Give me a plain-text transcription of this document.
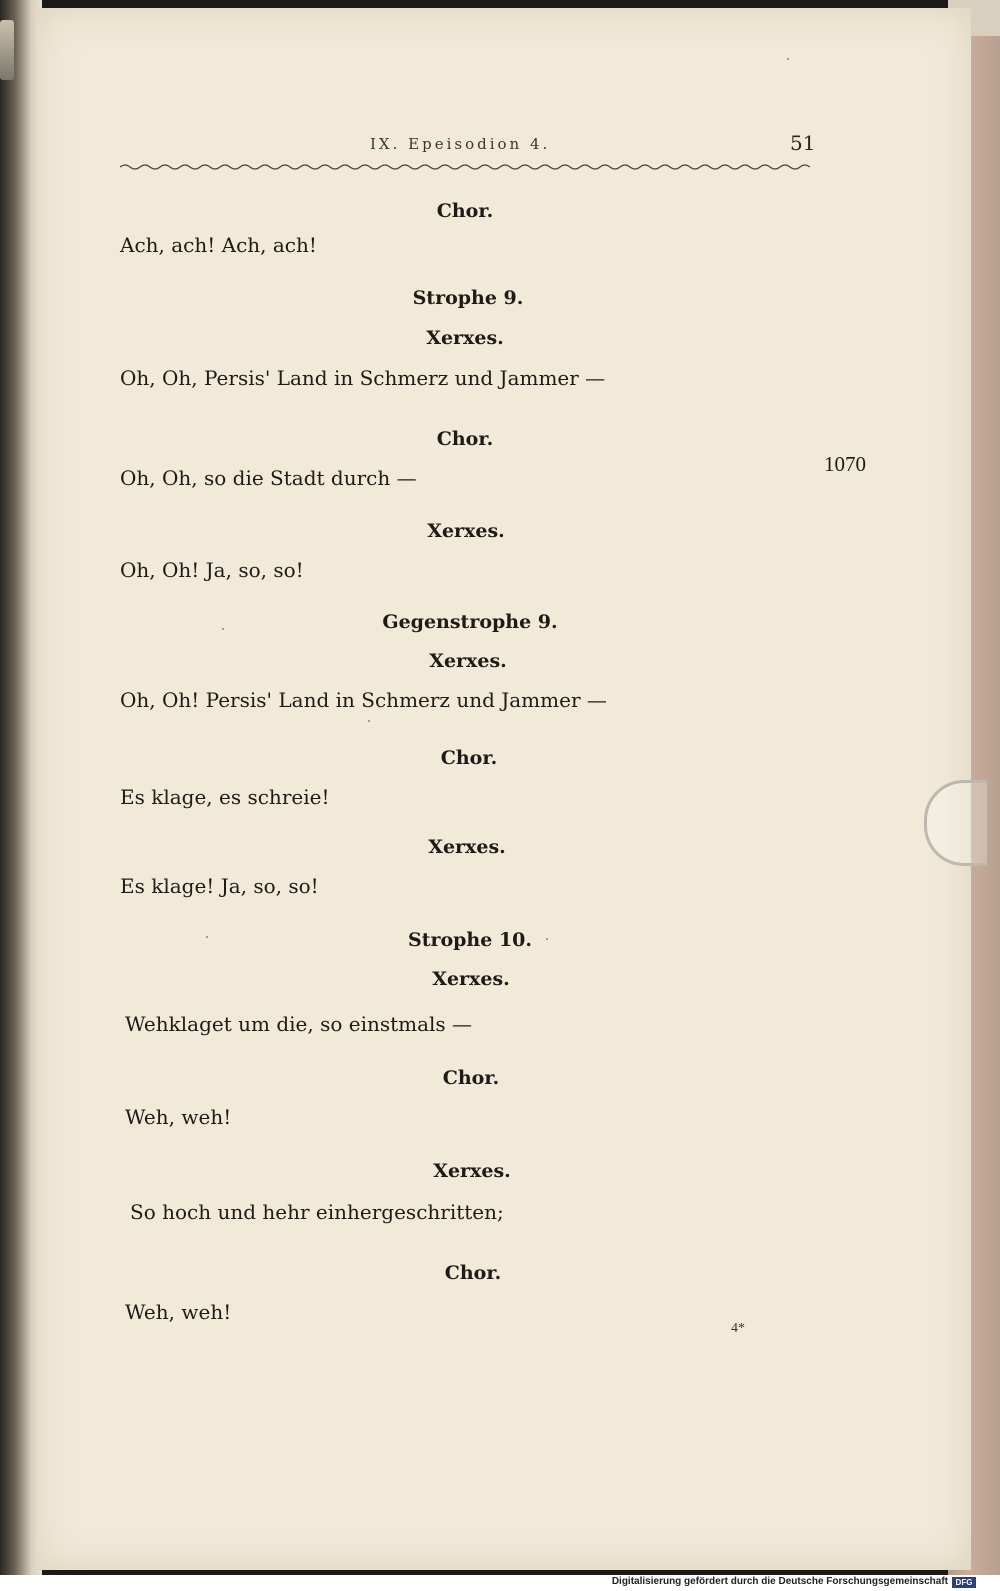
IX. Epeisodion 4.	51
Chor.
Ach, ach! Ach, ach!
Strophe 9.
Xerxes.
Oh, Oh, Persis' Land in Schmerz und Jammer —
Chor.
Oh, Oh, so die Stadt durch —
Xerxes.
Oh, Oh! Ja, so, so!
Gegenstrophe 9.
Xerxes.
Oh, Oh! Persis' Land in Schmerz und Jammer —
Chor.
Es klage, es schreie!
Xerxes.
Es klage! Ja, so, so!
Strophe 10.
Xerxes.
Wehklaget um die, so einstmals —
Chor.
Weh, weh!
Xerxes.
So hoch und hehr einhergeschritten;
Chor.
Weh, weh!
1070
4*
Digitalisierung gefördert durch die Deutsche Forschungsgemeinschaft DFG
